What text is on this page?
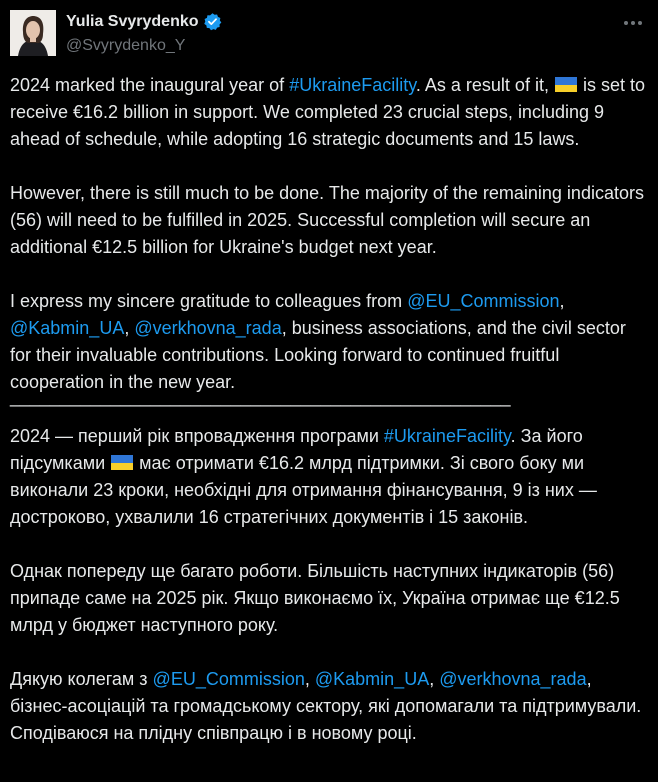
Yulia Svyrydenko
@Svyrydenko_Y

2024 marked the inaugural year of #UkraineFacility. As a result of it,
is set to receive €16.2 billion in support. We completed 23 crucial steps, including 9 ahead of schedule, while adopting 16 strategic documents and 15 laws.

However, there is still much to be done. The majority of the remaining indicators (56) will need to be fulfilled in 2025. Successful completion will secure an additional €12.5 billion for Ukraine's budget next year.

I express my sincere gratitude to colleagues from @EU_Commission, @Kabmin_UA, @verkhovna_rada, business associations, and the civil sector for their invaluable contributions. Looking forward to continued fruitful cooperation in the new year.

__________________________________________________

2024 — перший рік впровадження програми #UkraineFacility. За його підсумками
має отримати €16.2 млрд підтримки. Зі свого боку ми виконали 23 кроки, необхідні для отримання фінансування, 9 із них — достроково, ухвалили 16 стратегічних документів і 15 законів.

Однак попереду ще багато роботи. Більшість наступних індикаторів (56) припаде саме на 2025 рік. Якщо виконаємо їх, Україна отримає ще €12.5 млрд у бюджет наступного року.

Дякую колегам з @EU_Commission, @Kabmin_UA, @verkhovna_rada, бізнес-асоціацій та громадському сектору, які допомагали та підтримували. Сподіваюся на плідну співпрацю і в новому році.
